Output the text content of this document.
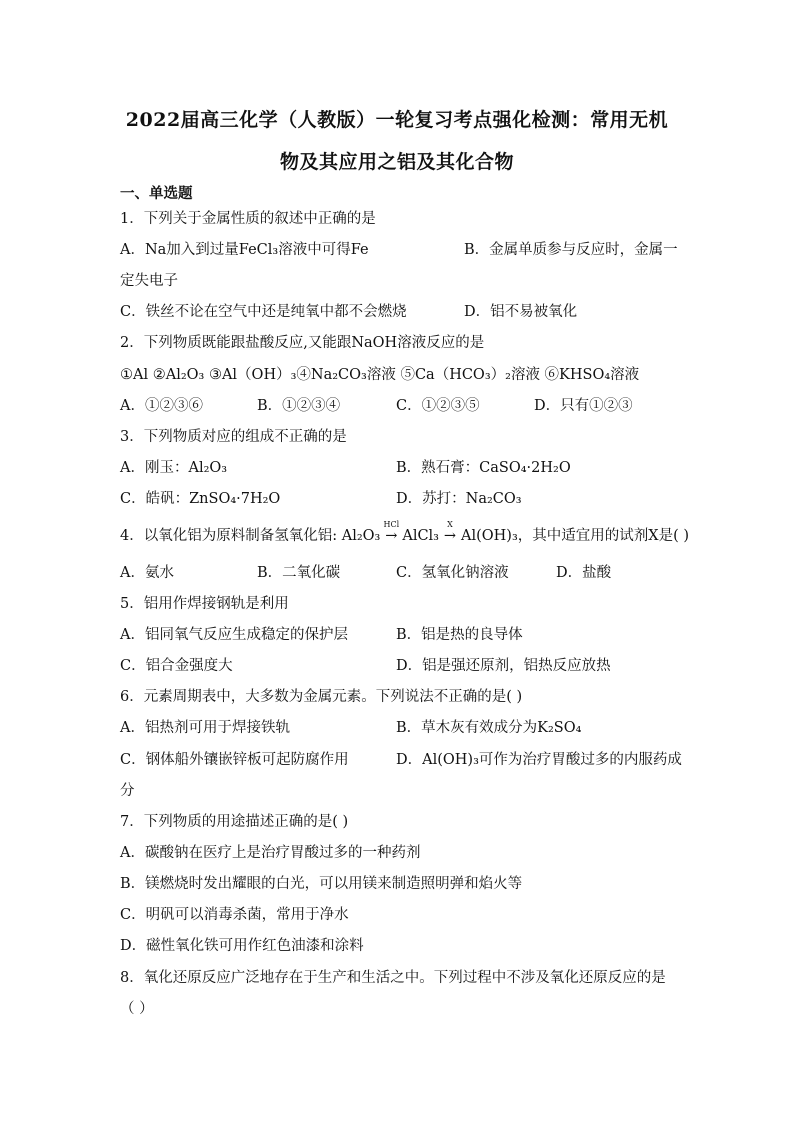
2022届高三化学（人教版）一轮复习考点强化检测：常用无机
物及其应用之铝及其化合物
一、单选题
1．下列关于金属性质的叙述中正确的是
A．Na加入到过量FeCl₃溶液中可得Fe	B．金属单质参与反应时，金属一
定失电子
C．铁丝不论在空气中还是纯氧中都不会燃烧	D．铝不易被氧化
2．下列物质既能跟盐酸反应,又能跟NaOH溶液反应的是
①Al ②Al₂O₃ ③Al（OH）₃④Na₂CO₃溶液 ⑤Ca（HCO₃）₂溶液 ⑥KHSO₄溶液
A．①②③⑥	B．①②③④	C．①②③⑤	D．只有①②③
3．下列物质对应的组成不正确的是
A．刚玉：Al₂O₃	B．熟石膏：CaSO₄·2H₂O
C．皓矾：ZnSO₄·7H₂O	D．苏打：Na₂CO₃
4．以氧化铝为原料制备氢氧化铝: Al₂O₃
HCl
→ AlCl₃
X
→ Al(OH)₃，其中适宜用的试剂X是( )
A．氨水	B．二氧化碳	C．氢氧化钠溶液	D．盐酸
5．铝用作焊接钢轨是利用
A．铝同氧气反应生成稳定的保护层	B．铝是热的良导体
C．铝合金强度大	D．铝是强还原剂，铝热反应放热
6．元素周期表中，大多数为金属元素。下列说法不正确的是( )
A．铝热剂可用于焊接铁轨	B．草木灰有效成分为K₂SO₄
C．钢体船外镶嵌锌板可起防腐作用	D．Al(OH)₃可作为治疗胃酸过多的内服药成
分
7．下列物质的用途描述正确的是( )
A．碳酸钠在医疗上是治疗胃酸过多的一种药剂
B．镁燃烧时发出耀眼的白光，可以用镁来制造照明弹和焰火等
C．明矾可以消毒杀菌，常用于净水
D．磁性氧化铁可用作红色油漆和涂料
8．氧化还原反应广泛地存在于生产和生活之中。下列过程中不涉及氧化还原反应的是
（ ）
